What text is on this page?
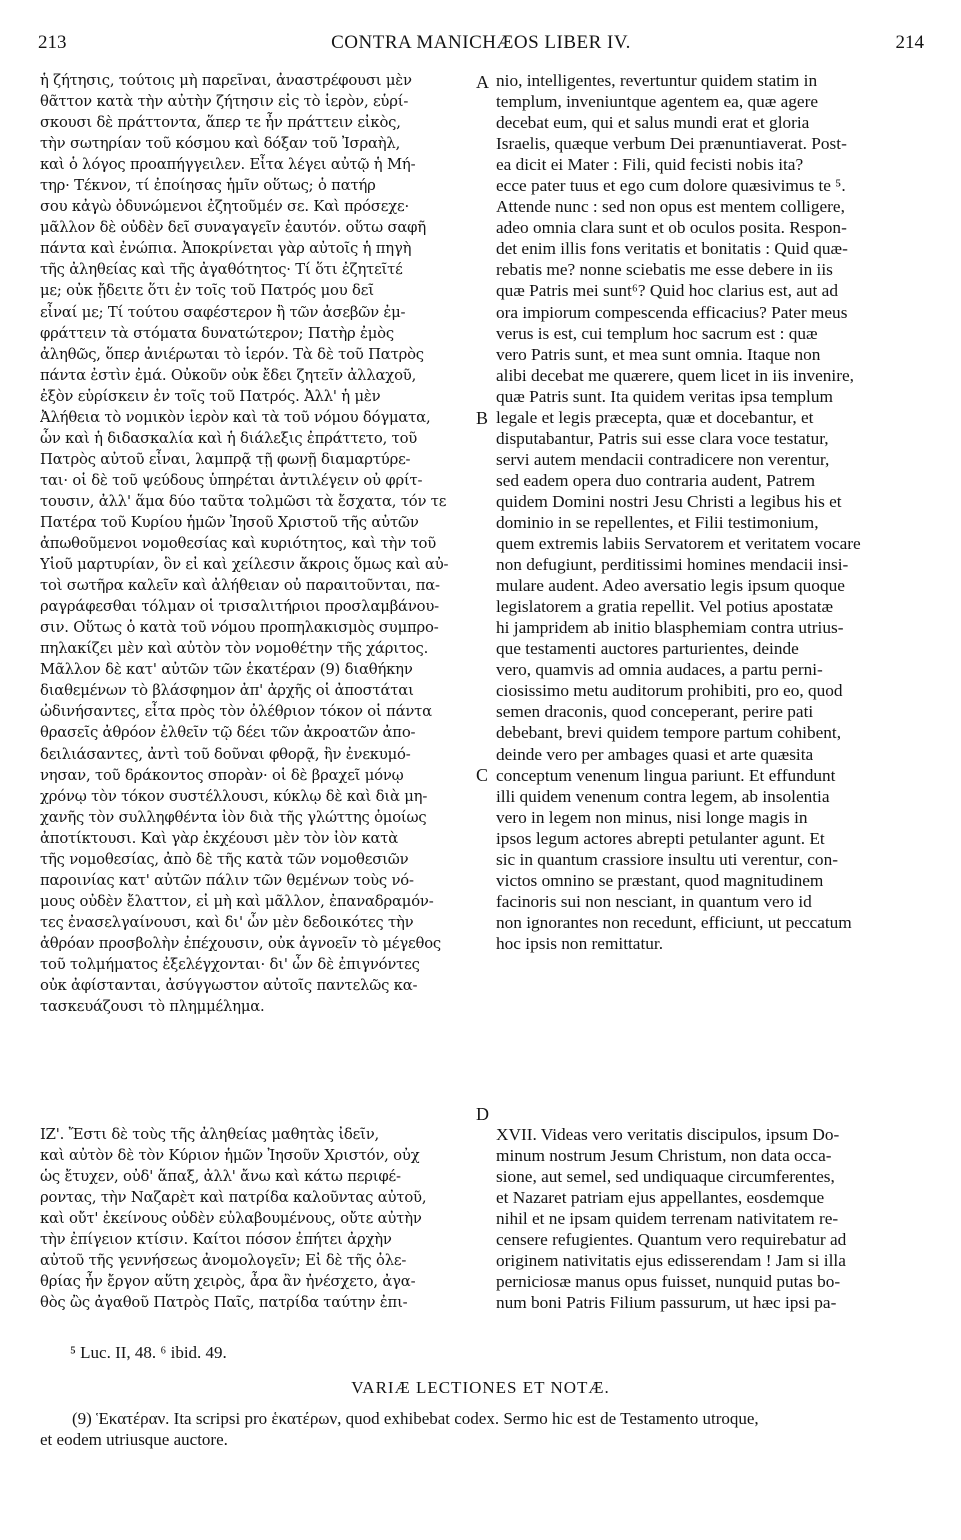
CONTRA MANICHÆOS LIBER IV.
213	214
ἡ ζήτησις, τούτοις μὴ παρεῖναι, ἀναστρέφουσι μὲν
θᾶττον κατὰ τὴν αὐτὴν ζήτησιν εἰς τὸ ἱερὸν, εὑρί-
σκουσι δὲ πράττοντα, ἅπερ τε ἦν πράττειν εἰκὸς,
τὴν σωτηρίαν τοῦ κόσμου καὶ δόξαν τοῦ Ἰσραὴλ,
καὶ ὁ λόγος προαπήγγειλεν. Εἶτα λέγει αὐτῷ ἡ Μή-
τηρ· Τέκνον, τί ἐποίησας ἡμῖν οὕτως; ὁ πατήρ
σου κἀγὼ ὀδυνώμενοι ἐζητοῦμέν σε. Καὶ πρόσεχε·
μᾶλλον δὲ οὐδὲν δεῖ συναγαγεῖν ἑαυτόν. οὕτω σαφῆ
πάντα καὶ ἐνώπια. Ἀποκρίνεται γὰρ αὐτοῖς ἡ πηγὴ
τῆς ἀληθείας καὶ τῆς ἀγαθότητος· Τί ὅτι ἐζητεῖτέ
με; οὐκ ᾔδειτε ὅτι ἐν τοῖς τοῦ Πατρός μου δεῖ
εἶναί με; Τί τούτου σαφέστερον ἢ τῶν ἀσεβῶν ἐμ-
φράττειν τὰ στόματα δυνατώτερον; Πατὴρ ἐμὸς
ἀληθῶς, ὅπερ ἀνιέρωται τὸ ἱερόν. Τὰ δὲ τοῦ Πατρὸς
πάντα ἐστὶν ἐμά. Οὐκοῦν οὐκ ἔδει ζητεῖν ἀλλαχοῦ,
ἐξὸν εὑρίσκειν ἐν τοῖς τοῦ Πατρός. Ἀλλ' ἡ μὲν
Ἀλήθεια τὸ νομικὸν ἱερὸν καὶ τὰ τοῦ νόμου δόγματα,
ὧν καὶ ἡ διδασκαλία καὶ ἡ διάλεξις ἐπράττετο, τοῦ
Πατρὸς αὐτοῦ εἶναι, λαμπρᾷ τῇ φωνῇ διαμαρτύρε-
ται· οἱ δὲ τοῦ ψεύδους ὑπηρέται ἀντιλέγειν οὐ φρίτ-
τουσιν, ἀλλ' ἅμα δύο ταῦτα τολμῶσι τὰ ἔσχατα, τόν τε
Πατέρα τοῦ Κυρίου ἡμῶν Ἰησοῦ Χριστοῦ τῆς αὐτῶν
ἀπωθοῦμενοι νομοθεσίας καὶ κυριότητος, καὶ τὴν τοῦ
Υἱοῦ μαρτυρίαν, ὃν εἰ καὶ χείλεσιν ἄκροις ὅμως καὶ αὐ-
τοὶ σωτῆρα καλεῖν καὶ ἀλήθειαν οὐ παραιτοῦνται, πα-
ραγράφεσθαι τόλμαν οἱ τρισαλιτήριοι προσλαμβάνου-
σιν. Οὕτως ὁ κατὰ τοῦ νόμου προπηλακισμὸς συμπρο-
πηλακίζει μὲν καὶ αὐτὸν τὸν νομοθέτην τῆς χάριτος.
Μᾶλλον δὲ κατ' αὐτῶν τῶν ἑκατέραν (9) διαθήκην
διαθεμένων τὸ βλάσφημον ἀπ' ἀρχῆς οἱ ἀποστάται
ὠδινήσαντες, εἶτα πρὸς τὸν ὀλέθριον τόκον οἱ πάντα
θρασεῖς ἀθρόον ἐλθεῖν τῷ δέει τῶν ἀκροατῶν ἀπο-
δειλιάσαντες, ἀντὶ τοῦ δοῦναι φθορᾷ, ἣν ἐνεκυμό-
νησαν, τοῦ δράκοντος σπορὰν· οἱ δὲ βραχεῖ μόνῳ
χρόνῳ τὸν τόκον συστέλλουσι, κύκλῳ δὲ καὶ διὰ μη-
χανῆς τὸν συλληφθέντα ἰὸν διὰ τῆς γλώττης ὁμοίως
ἀποτίκτουσι. Καὶ γὰρ ἐκχέουσι μὲν τὸν ἰὸν κατὰ
τῆς νομοθεσίας, ἀπὸ δὲ τῆς κατὰ τῶν νομοθεσιῶν
παροινίας κατ' αὐτῶν πάλιν τῶν θεμένων τοὺς νό-
μους οὐδὲν ἔλαττον, εἰ μὴ καὶ μᾶλλον, ἐπαναδραμόν-
τες ἐνασελγαίνουσι, καὶ δι' ὧν μὲν δεδοικότες τὴν
ἀθρόαν προσβολὴν ἐπέχουσιν, οὐκ ἀγνοεῖν τὸ μέγεθος
τοῦ τολμήματος ἐξελέγχονται· δι' ὧν δὲ ἐπιγνόντες
οὐκ ἀφίστανται, ἀσύγγωστον αὐτοῖς παντελῶς κα-
τασκευάζουσι τὸ πλημμέλημα.
ΙΖ'. Ἔστι δὲ τοὺς τῆς ἀληθείας μαθητὰς ἰδεῖν,
καὶ αὐτὸν δὲ τὸν Κύριον ἡμῶν Ἰησοῦν Χριστόν, οὐχ
ὡς ἔτυχεν, οὐδ' ἅπαξ, ἀλλ' ἄνω καὶ κάτω περιφέ-
ροντας, τὴν Ναζαρὲτ καὶ πατρίδα καλοῦντας αὐτοῦ,
καὶ οὔτ' ἐκείνους οὐδὲν εὐλαβουμένους, οὔτε αὐτὴν
τὴν ἐπίγειον κτίσιν. Καίτοι πόσον ἐπήτει ἀρχὴν
αὐτοῦ τῆς γεννήσεως ἀνομολογεῖν; Εἰ δὲ τῆς ὀλε-
θρίας ἦν ἔργον αὕτη χειρὸς, ἆρα ἂν ἠνέσχετο, ἀγα-
θὸς ὢς ἀγαθοῦ Πατρὸς Παῖς, πατρίδα ταύτην ἐπι-
nio, intelligentes, revertuntur quidem statim in
templum, inveniuntque agentem ea, quæ agere
decebat eum, qui et salus mundi erat et gloria
Israelis, quæque verbum Dei prænuntiaverat. Post-
ea dicit ei Mater : Fili, quid fecisti nobis ita?
ecce pater tuus et ego cum dolore quæsivimus te ⁵.
Attende nunc : sed non opus est mentem colligere,
adeo omnia clara sunt et ob oculos posita. Respon-
det enim illis fons veritatis et bonitatis : Quid quæ-
rebatis me? nonne sciebatis me esse debere in iis
quæ Patris mei sunt⁶? Quid hoc clarius est, aut ad
ora impiorum compescenda efficacius? Pater meus
verus is est, cui templum hoc sacrum est : quæ
vero Patris sunt, et mea sunt omnia. Itaque non
alibi decebat me quærere, quem licet in iis invenire,
quæ Patris sunt. Ita quidem veritas ipsa templum
legale et legis præcepta, quæ et docebantur, et
disputabantur, Patris sui esse clara voce testatur,
servi autem mendacii contradicere non verentur,
sed eadem opera duo contraria audent, Patrem
quidem Domini nostri Jesu Christi a legibus his et
dominio in se repellentes, et Filii testimonium,
quem extremis labiis Servatorem et veritatem vocare
non defugiunt, perditissimi homines mendacii insi-
mulare audent. Adeo aversatio legis ipsum quoque
legislatorem a gratia repellit. Vel potius apostatæ
hi jampridem ab initio blasphemiam contra utrius-
que testamenti auctores parturientes, deinde
vero, quamvis ad omnia audaces, a partu perni-
ciosissimo metu auditorum prohibiti, pro eo, quod
semen draconis, quod conceperant, perire pati
debebant, brevi quidem tempore partum cohibent,
deinde vero per ambages quasi et arte quæsita
conceptum venenum lingua pariunt. Et effundunt
illi quidem venenum contra legem, ab insolentia
vero in legem non minus, nisi longe magis in
ipsos legum actores abrepti petulanter agunt. Et
sic in quantum crassiore insultu uti verentur, con-
victos omnino se præstant, quod magnitudinem
facinoris sui non nesciant, in quantum vero id
non ignorantes non recedunt, efficiunt, ut peccatum
hoc ipsis non remittatur.
XVII. Videas vero veritatis discipulos, ipsum Do-
minum nostrum Jesum Christum, non data occa-
sione, aut semel, sed undiquaque circumferentes,
et Nazaret patriam ejus appellantes, eosdemque
nihil et ne ipsam quidem terrenam nativitatem re-
censere refugientes. Quantum vero requirebatur ad
originem nativitatis ejus edisserendam ! Jam si illa
perniciosæ manus opus fuisset, nunquid putas bo-
num boni Patris Filium passurum, ut hæc ipsi pa-
A
B
C
D
⁵ Luc. II, 48. ⁶ ibid. 49.
VARIÆ LECTIONES ET NOTÆ.
(9) Ἑκατέραν. Ita scripsi pro ἑκατέρων, quod exhibebat codex. Sermo hic est de Testamento utroque,
et eodem utriusque auctore.
